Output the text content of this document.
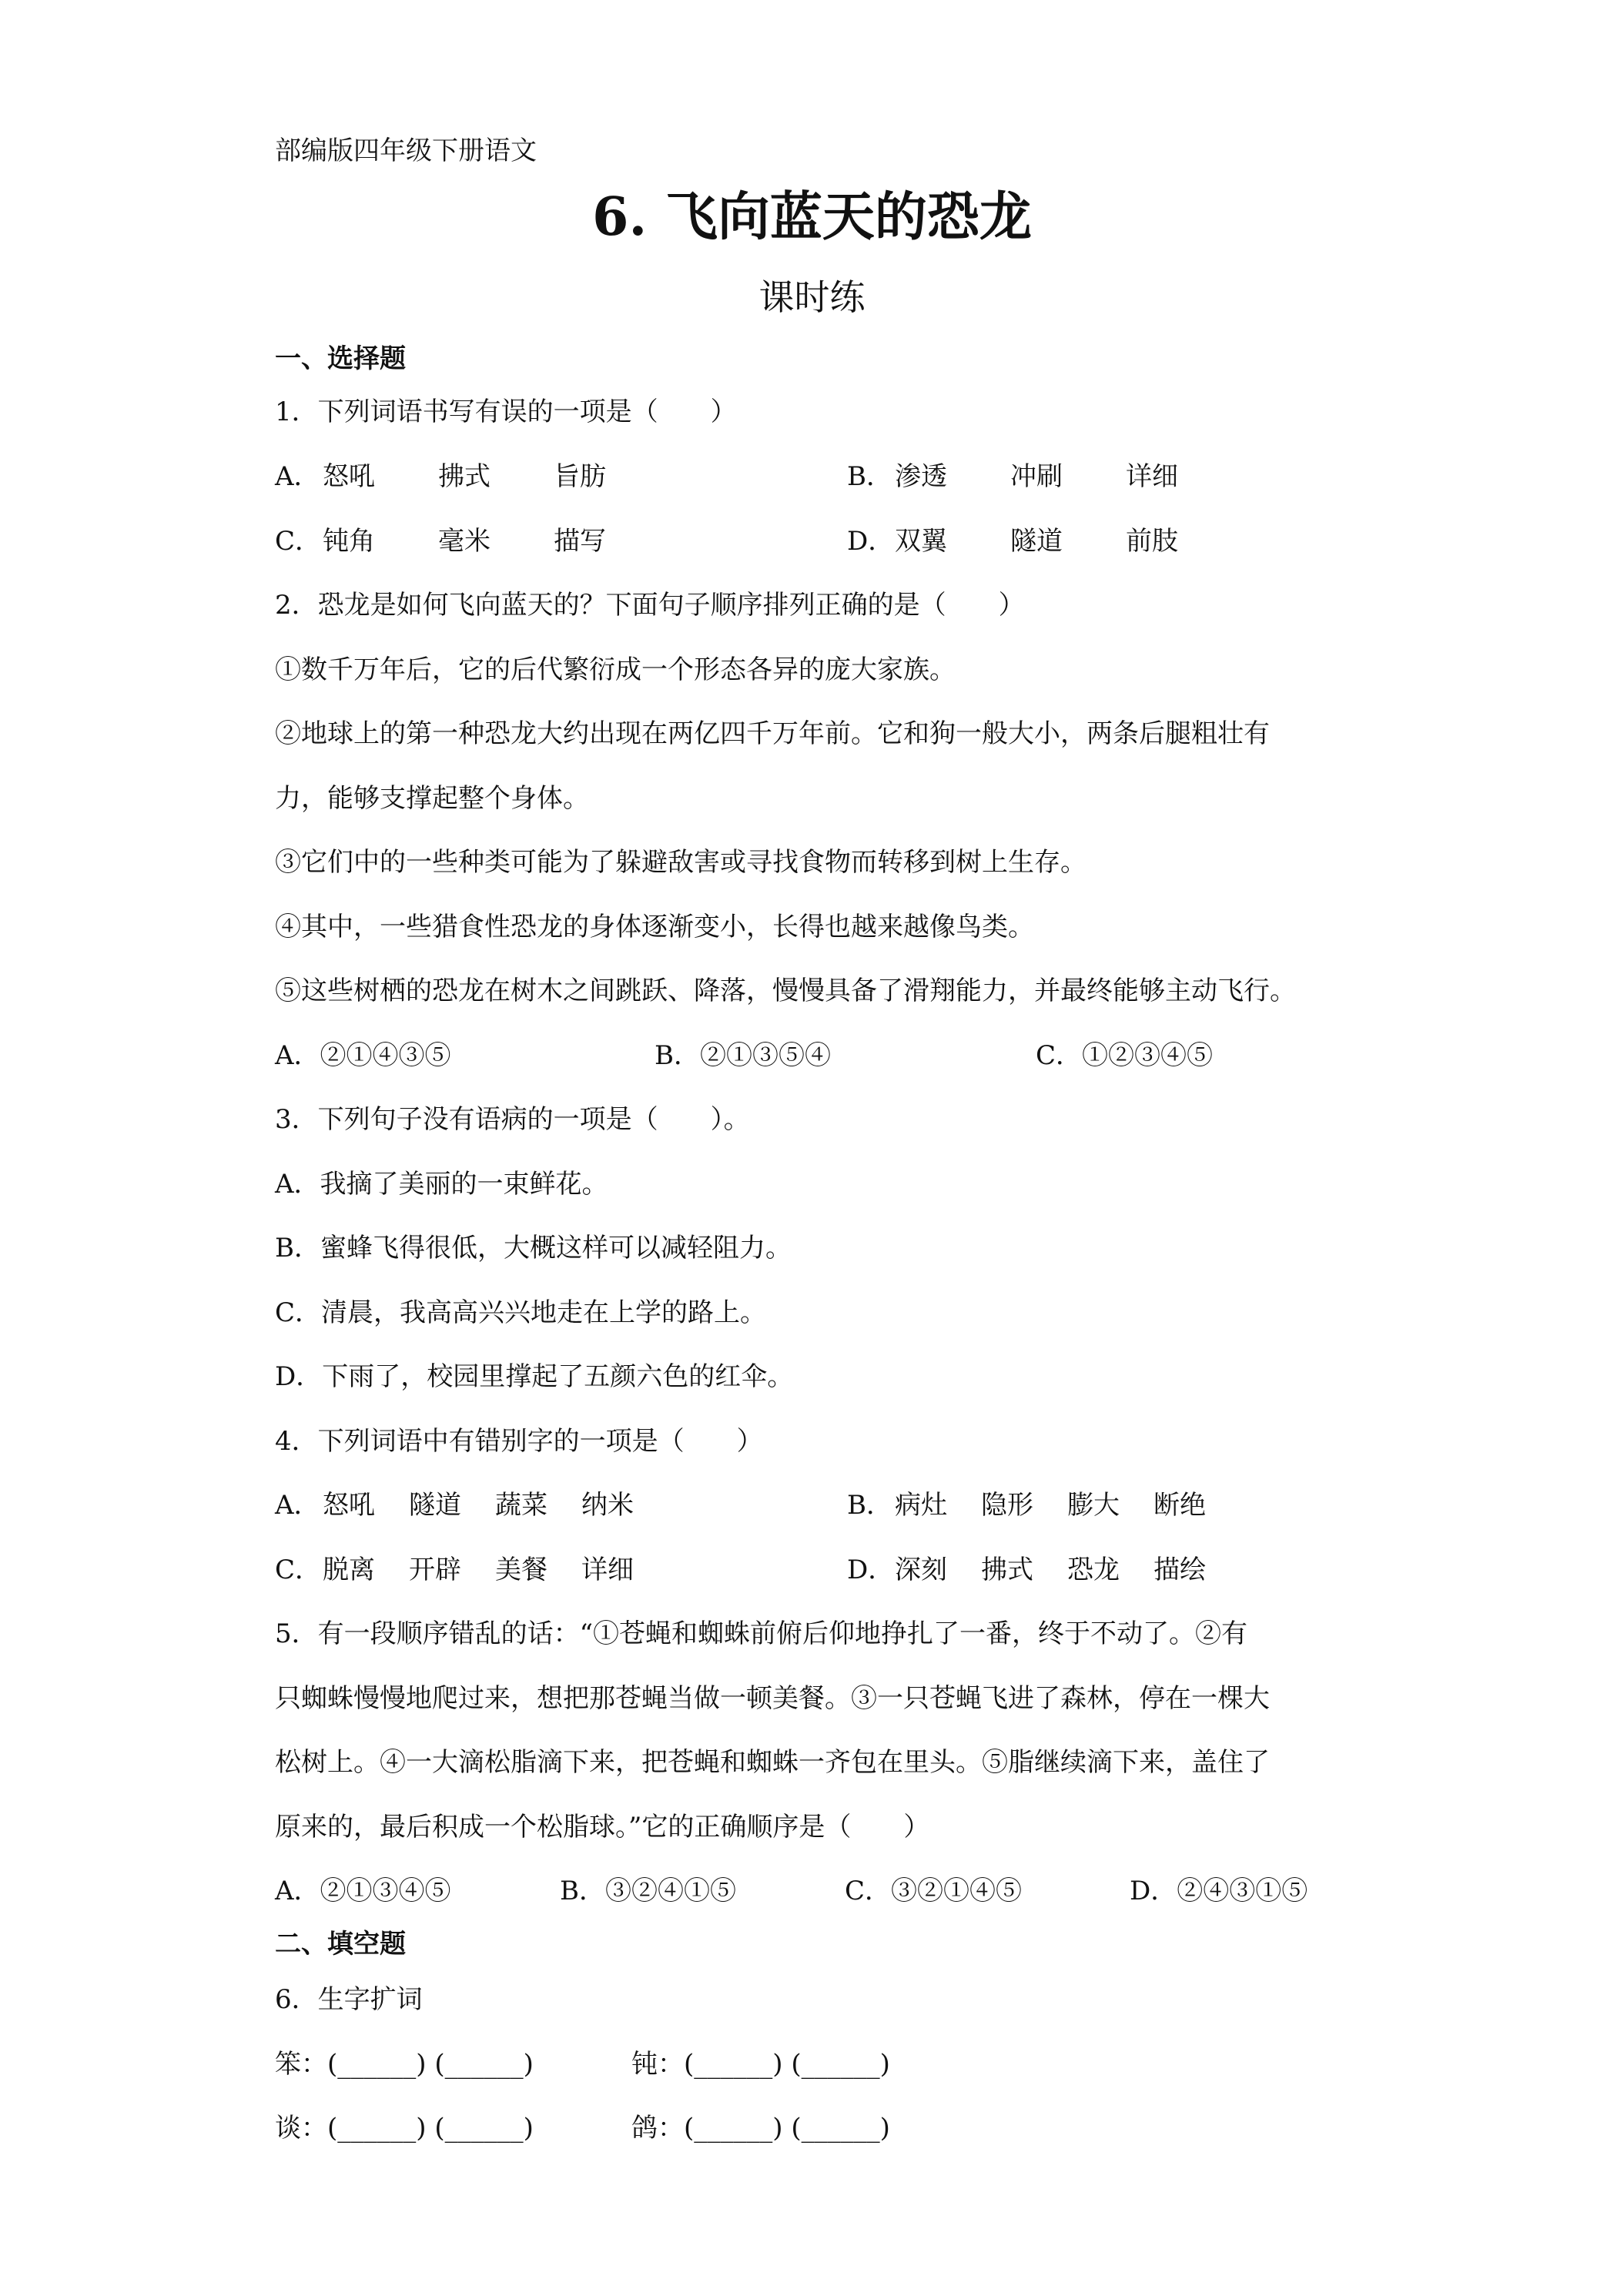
部编版四年级下册语文
6. 飞向蓝天的恐龙
课时练
一、选择题
1．下列词语书写有误的一项是（　　）
A． 怒吼	拂式	旨肪	B． 渗透	冲刷	详细
C． 钝角	毫米	描写	D． 双翼	隧道	前肢
2．恐龙是如何飞向蓝天的？下面句子顺序排列正确的是（　　）
①数千万年后，它的后代繁衍成一个形态各异的庞大家族。
②地球上的第一种恐龙大约出现在两亿四千万年前。它和狗一般大小，两条后腿粗壮有
力，能够支撑起整个身体。
③它们中的一些种类可能为了躲避敌害或寻找食物而转移到树上生存。
④其中，一些猎食性恐龙的身体逐渐变小，长得也越来越像鸟类。
⑤这些树栖的恐龙在树木之间跳跃、降落，慢慢具备了滑翔能力，并最终能够主动飞行。
A．②①④③⑤	B．②①③⑤④	C．①②③④⑤
3．下列句子没有语病的一项是（　　）。
A．我摘了美丽的一束鲜花。
B．蜜蜂飞得很低，大概这样可以减轻阻力。
C．清晨，我高高兴兴地走在上学的路上。
D．下雨了，校园里撑起了五颜六色的红伞。
4．下列词语中有错别字的一项是（　　）
A． 怒吼	隧道	蔬菜	纳米	B． 病灶	隐形	膨大	断绝
C． 脱离	开辟	美餐	详细	D． 深刻	拂式	恐龙	描绘
5．有一段顺序错乱的话：“①苍蝇和蜘蛛前俯后仰地挣扎了一番，终于不动了。②有
只蜘蛛慢慢地爬过来，想把那苍蝇当做一顿美餐。③一只苍蝇飞进了森林，停在一棵大
松树上。④一大滴松脂滴下来，把苍蝇和蜘蛛一齐包在里头。⑤脂继续滴下来，盖住了
原来的，最后积成一个松脂球。”它的正确顺序是（　　）
A．②①③④⑤	B．③②④①⑤	C．③②①④⑤	D．②④③①⑤
二、填空题
6．生字扩词
笨：(______) (______)	钝：(______) (______)
谈：(______) (______)	鸽：(______) (______)
